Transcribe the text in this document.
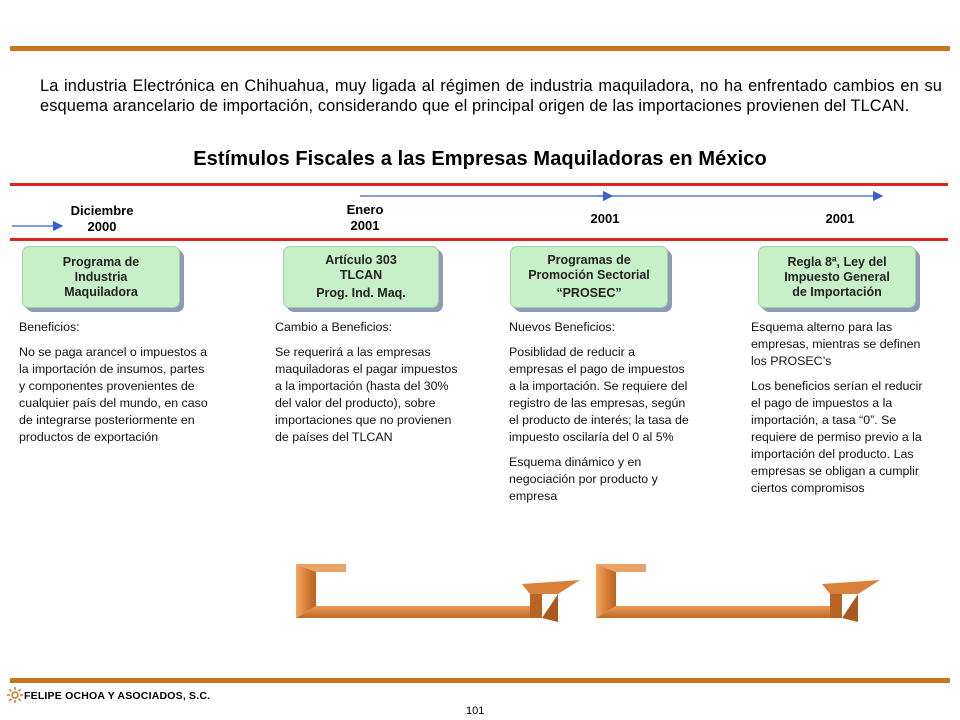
La industria Electrónica en Chihuahua, muy ligada al régimen de industria maquiladora, no ha enfrentado cambios en su esquema arancelario de importación, considerando que el principal origen de las importaciones provienen del TLCAN.
Estímulos Fiscales a las Empresas Maquiladoras en México
Diciembre
2000
Enero
2001	2001	2001
Programa de
Industria
Maquiladora
Artículo 303
TLCAN
Prog. Ind. Maq.
Programas de
Promoción Sectorial
“PROSEC”
Regla 8ª, Ley del
Impuesto General
de Importación

Beneficios:

No se paga arancel o impuestos a la importación de insumos, partes y componentes provenientes de cualquier país del mundo, en caso de integrarse posteriormente en productos de exportación

Cambio a Beneficios:

Se requerirá a las empresas maquiladoras el pagar impuestos a la importación (hasta del 30% del valor del producto), sobre importaciones que no provienen de países del TLCAN

Nuevos Beneficios:

Posiblidad de reducir a empresas el pago de impuestos a la importación. Se requiere del registro de las empresas, según el producto de interés; la tasa de impuesto oscilaría del 0 al 5%

Esquema dinámico y en negociación por producto y empresa

Esquema alterno para las empresas, mientras se definen los PROSEC’s

Los beneficios serían el reducir el pago de impuestos a la importación, a tasa “0”. Se requiere de permiso previo a la importación del producto. Las empresas se obligan a cumplir ciertos compromisos

FELIPE OCHOA Y ASOCIADOS, S.C.
101
